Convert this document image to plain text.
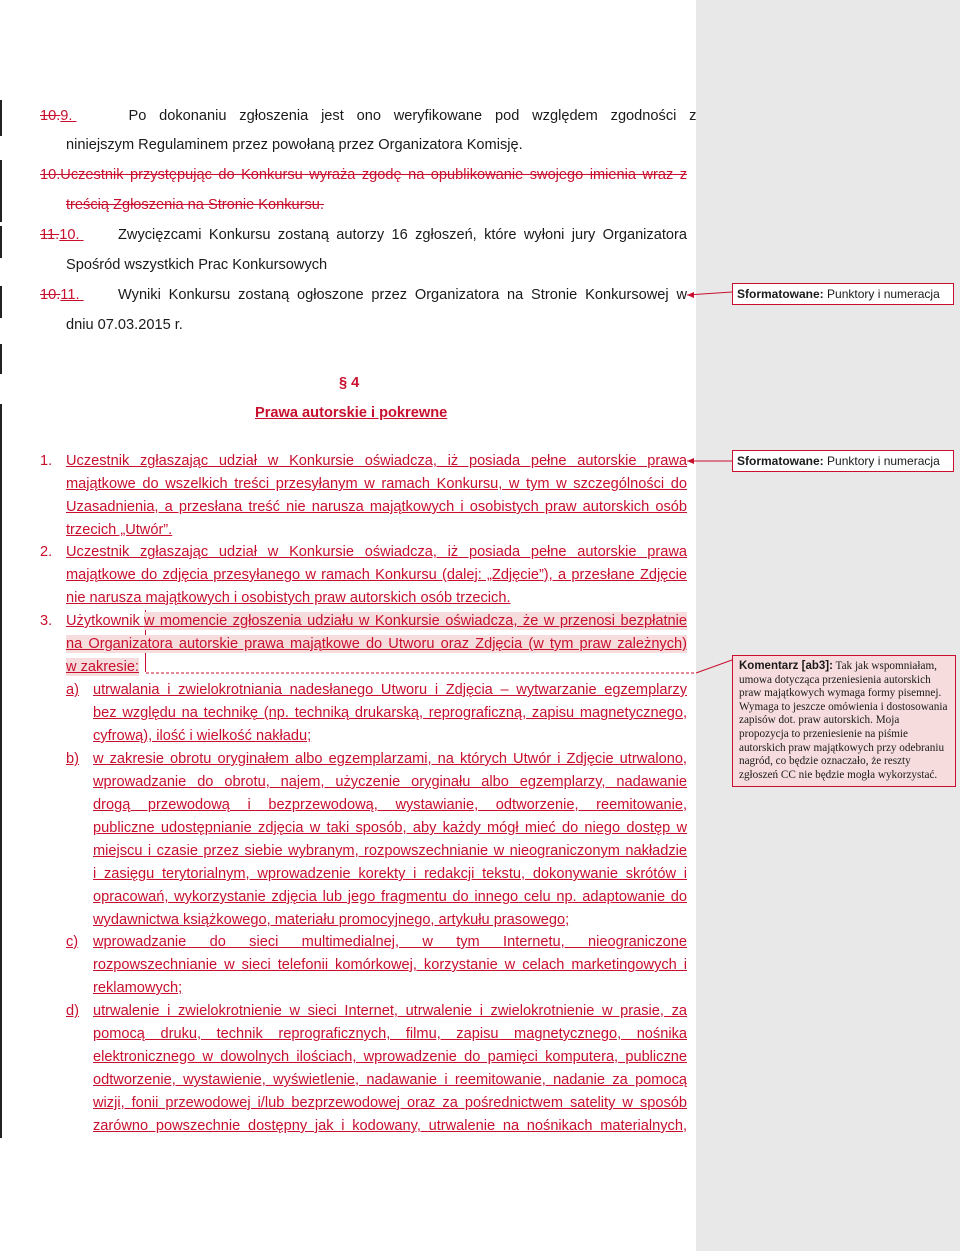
10.9.	Po dokonaniu zgłoszenia jest ono weryfikowane pod względem zgodności z
niniejszym Regulaminem przez powołaną przez Organizatora Komisję.
10.Uczestnik przystępując do Konkursu wyraża zgodę na opublikowanie swojego imienia wraz z
treścią Zgłoszenia na Stronie Konkursu.
11.10.	Zwycięzcami Konkursu zostaną autorzy 16 zgłoszeń, które wyłoni jury Organizatora
Spośród wszystkich Prac Konkursowych
10.11.	Wyniki Konkursu zostaną ogłoszone przez Organizatora na Stronie Konkursowej w
dniu 07.03.2015 r.
§ 4
Prawa autorskie i pokrewne
1. Uczestnik zgłaszając udział w Konkursie oświadcza, iż posiada pełne autorskie prawa
majątkowe do wszelkich treści przesyłanym w ramach Konkursu, w tym w szczególności do
Uzasadnienia, a przesłana treść nie narusza majątkowych i osobistych praw autorskich osób
trzecich „Utwór”.
2. Uczestnik zgłaszając udział w Konkursie oświadcza, iż posiada pełne autorskie prawa
majątkowe do zdjęcia przesyłanego w ramach Konkursu (dalej: „Zdjęcie”), a przesłane Zdjęcie
nie narusza majątkowych i osobistych praw autorskich osób trzecich.
3. Użytkownik w momencie zgłoszenia udziału w Konkursie oświadcza, że w przenosi bezpłatnie
na Organizatora autorskie prawa majątkowe do Utworu oraz Zdjęcia (w tym praw zależnych)
w zakresie:
a) utrwalania i zwielokrotniania nadesłanego Utworu i Zdjęcia – wytwarzanie egzemplarzy
bez względu na technikę (np. techniką drukarską, reprograficzną, zapisu magnetycznego,
cyfrową), ilość i wielkość nakładu;
b) w zakresie obrotu oryginałem albo egzemplarzami, na których Utwór i Zdjęcie utrwalono,
wprowadzanie do obrotu, najem, użyczenie oryginału albo egzemplarzy, nadawanie
drogą przewodową i bezprzewodową, wystawianie, odtworzenie, reemitowanie,
publiczne udostępnianie zdjęcia w taki sposób, aby każdy mógł mieć do niego dostęp w
miejscu i czasie przez siebie wybranym, rozpowszechnianie w nieograniczonym nakładzie
i zasięgu terytorialnym, wprowadzenie korekty i redakcji tekstu, dokonywanie skrótów i
opracowań, wykorzystanie zdjęcia lub jego fragmentu do innego celu np. adaptowanie do
wydawnictwa książkowego, materiału promocyjnego, artykułu prasowego;
c) wprowadzanie do sieci multimedialnej, w tym Internetu, nieograniczone
rozpowszechnianie w sieci telefonii komórkowej, korzystanie w celach marketingowych i
reklamowych;
d) utrwalenie i zwielokrotnienie w sieci Internet, utrwalenie i zwielokrotnienie w prasie, za
pomocą druku, technik reprograficznych, filmu, zapisu magnetycznego, nośnika
elektronicznego w dowolnych ilościach, wprowadzenie do pamięci komputera, publiczne
odtworzenie, wystawienie, wyświetlenie, nadawanie i reemitowanie, nadanie za pomocą
wizji, fonii przewodowej i/lub bezprzewodowej oraz za pośrednictwem satelity w sposób
zarówno powszechnie dostępny jak i kodowany, utrwalenie na nośnikach materialnych,
Sformatowane: Punktory i numeracja
Sformatowane: Punktory i numeracja
Komentarz [ab3]: Tak jak wspomniałam, umowa dotycząca przeniesienia autorskich praw majątkowych wymaga formy pisemnej. Wymaga to jeszcze omówienia i dostosowania zapisów dot. praw autorskich. Moja propozycja to przeniesienie na piśmie autorskich praw majątkowych przy odebraniu nagród, co będzie oznaczało, że reszty zgłoszeń CC nie będzie mogła wykorzystać.
